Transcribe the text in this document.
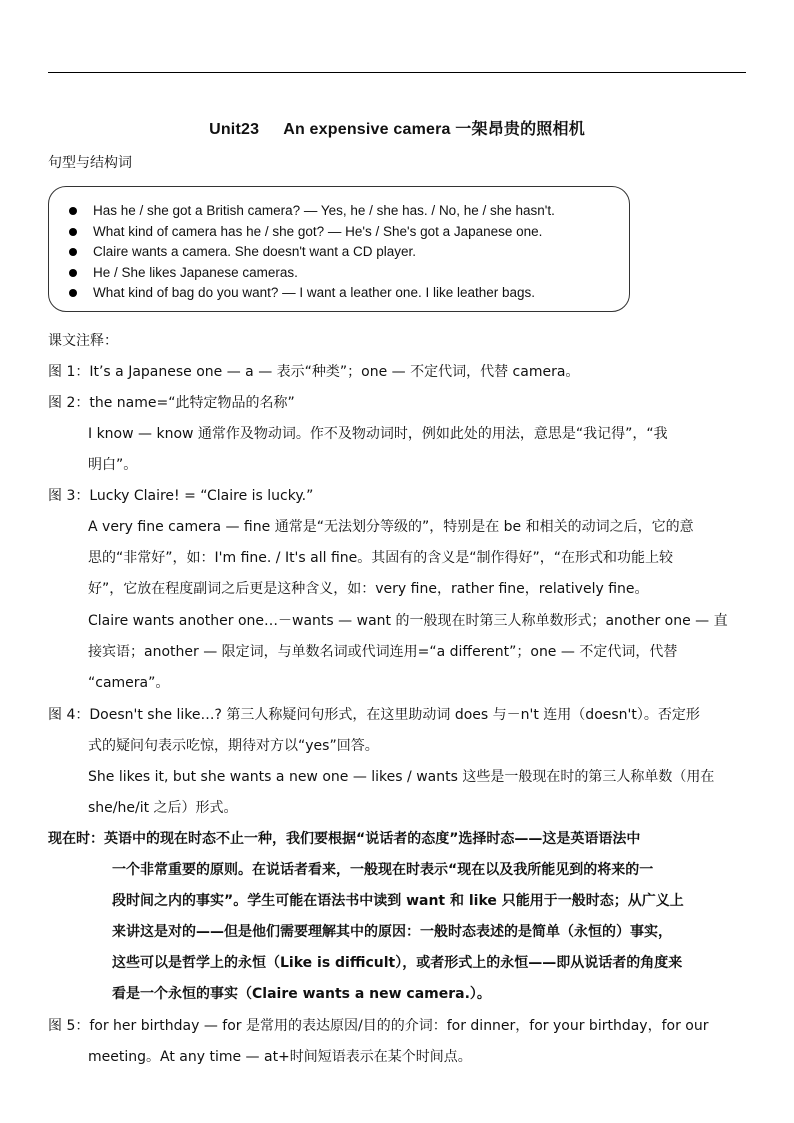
Unit23 An expensive camera 一架昂贵的照相机
句型与结构词
Has he / she got a British camera? — Yes, he / she has. / No, he / she hasn't.
What kind of camera has he / she got? — He's / She's got a Japanese one.
Claire wants a camera. She doesn't want a CD player.
He / She likes Japanese cameras.
What kind of bag do you want? — I want a leather one. I like leather bags.
课文注释：
图 1：It’s a Japanese one — a — 表示“种类”；one — 不定代词，代替 camera。
图 2：the name=“此特定物品的名称”
I know — know 通常作及物动词。作不及物动词时，例如此处的用法，意思是“我记得”，“我
明白”。
图 3：Lucky Claire! = “Claire is lucky.”
A very fine camera — fine 通常是“无法划分等级的”，特别是在 be 和相关的动词之后，它的意
思的“非常好”，如：I'm fine. / It's all fine。其固有的含义是“制作得好”，“在形式和功能上较
好”，它放在程度副词之后更是这种含义，如：very fine，rather fine，relatively fine。
Claire wants another one…－wants — want 的一般现在时第三人称单数形式；another one — 直
接宾语；another — 限定词，与单数名词或代词连用=“a different”；one — 不定代词，代替
“camera”。
图 4：Doesn't she like…? 第三人称疑问句形式，在这里助动词 does 与－n't 连用（doesn't）。否定形
式的疑问句表示吃惊，期待对方以“yes”回答。
She likes it, but she wants a new one — likes / wants 这些是一般现在时的第三人称单数（用在
she/he/it 之后）形式。
现在时：英语中的现在时态不止一种，我们要根据“说话者的态度”选择时态——这是英语语法中
一个非常重要的原则。在说话者看来，一般现在时表示“现在以及我所能见到的将来的一
段时间之内的事实”。学生可能在语法书中读到 want 和 like 只能用于一般时态；从广义上
来讲这是对的——但是他们需要理解其中的原因：一般时态表述的是简单（永恒的）事实，
这些可以是哲学上的永恒（Like is difficult），或者形式上的永恒——即从说话者的角度来
看是一个永恒的事实（Claire wants a new camera.）。
图 5：for her birthday — for 是常用的表达原因/目的的介词：for dinner，for your birthday，for our
meeting。At any time — at+时间短语表示在某个时间点。
